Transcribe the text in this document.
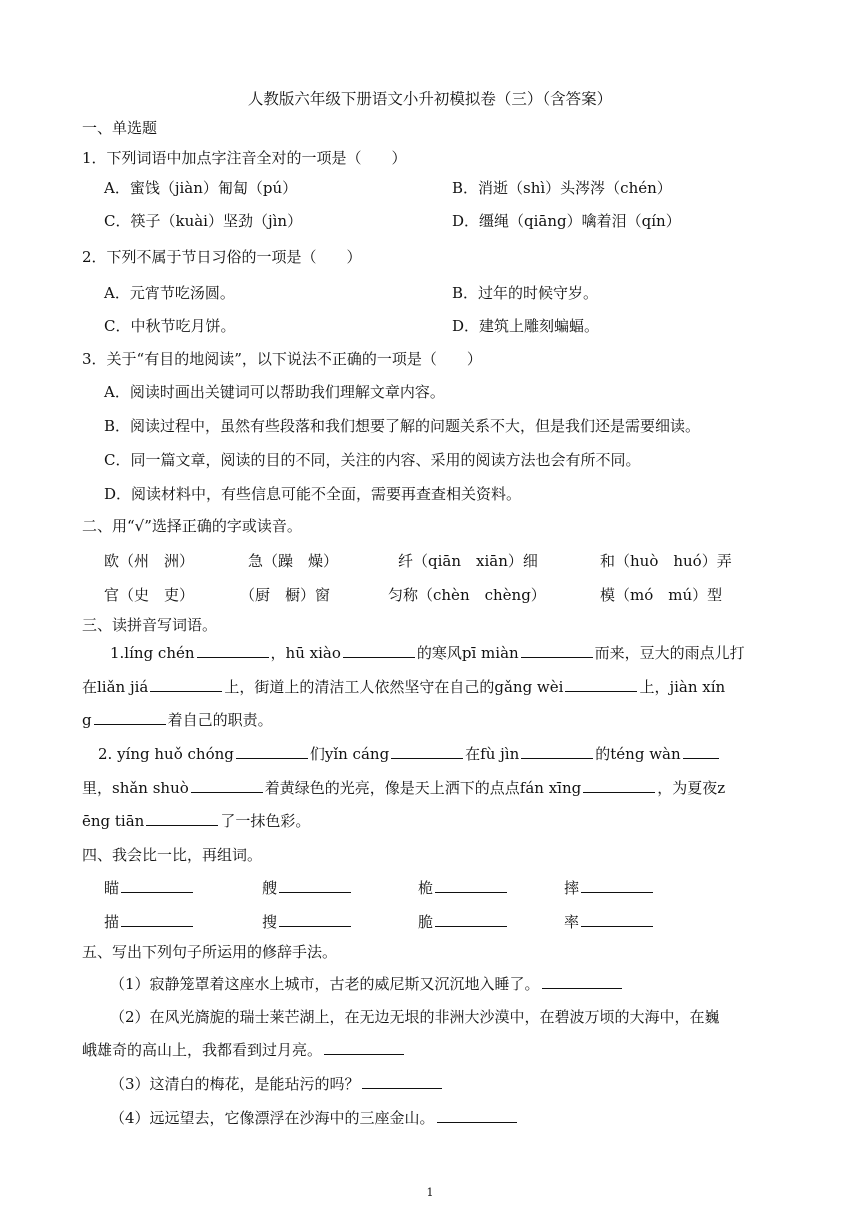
人教版六年级下册语文小升初模拟卷（三）（含答案）
一、单选题
1．下列词语中加点字注音全对的一项是（　　）
A．蜜饯（jiàn）匍匐（pú）	B．消逝（shì）头涔涔（chén）
C．筷子（kuài）坚劲（jìn）	D．缰绳（qiāng）噙着泪（qín）
2．下列不属于节日习俗的一项是（　　）
A．元宵节吃汤圆。	B．过年的时候守岁。
C．中秋节吃月饼。	D．建筑上雕刻蝙蝠。
3．关于“有目的地阅读”，以下说法不正确的一项是（　　）
A．阅读时画出关键词可以帮助我们理解文章内容。
B．阅读过程中，虽然有些段落和我们想要了解的问题关系不大，但是我们还是需要细读。
C．同一篇文章，阅读的目的不同，关注的内容、采用的阅读方法也会有所不同。
D．阅读材料中，有些信息可能不全面，需要再查查相关资料。
二、用“√”选择正确的字或读音。
欧（州　洲）	急（躁　燥）	纤（qiān　xiān）细	和（huò　huó）弄
官（史　吏）	（厨　橱）窗	匀称（chèn　chèng）	模（mó　mú）型
三、读拼音写词语。
1.líng chén	，hū xiào	的寒风pī miàn	而来，豆大的雨点儿打
在liǎn jiá	上，街道上的清洁工人依然坚守在自己的gǎng wèi	上，jiàn xín
g	着自己的职责。
2. yíng huǒ chóng	们yǐn cáng	在fù jìn	的téng wàn
里，shǎn shuò	着黄绿色的光亮，像是天上洒下的点点fán xīng	，为夏夜z
ēng tiān	了一抹色彩。
四、我会比一比，再组词。
瞄	艘	桅	摔
描	搜	脆	率
五、写出下列句子所运用的修辞手法。
（1）寂静笼罩着这座水上城市，古老的威尼斯又沉沉地入睡了。
（2）在风光旖旎的瑞士莱芒湖上，在无边无垠的非洲大沙漠中，在碧波万顷的大海中，在巍
峨雄奇的高山上，我都看到过月亮。
（3）这清白的梅花，是能玷污的吗？
（4）远远望去，它像漂浮在沙海中的三座金山。
1
